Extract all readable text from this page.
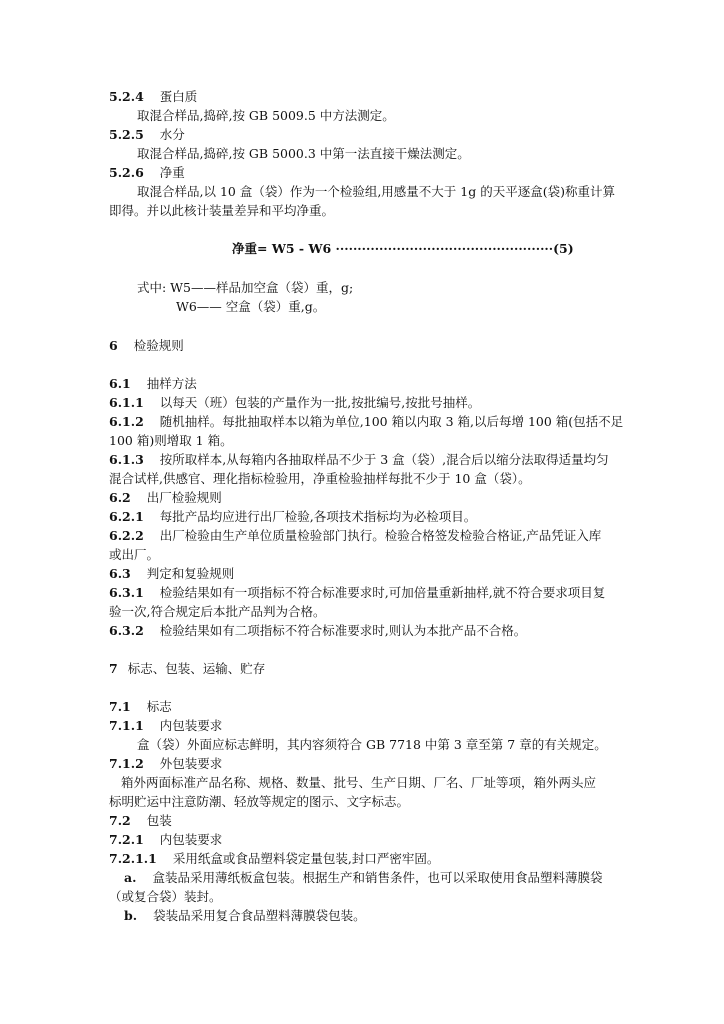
5.2.4 蛋白质
取混合样品,捣碎,按 GB 5009.5 中方法测定。
5.2.5 水分
取混合样品,捣碎,按 GB 5000.3 中第一法直接干燥法测定。
5.2.6 净重
取混合样品,以 10 盒（袋）作为一个检验组,用感量不大于 1g 的天平逐盒(袋)称重计算
即得。并以此核计装量差异和平均净重。
净重= W5 - W6 ··················································(5)
式中: W5——样品加空盒（袋）重，g;
W6—— 空盒（袋）重,g。
6 检验规则
6.1 抽样方法
6.1.1 以每天（班）包装的产量作为一批,按批编号,按批号抽样。
6.1.2 随机抽样。每批抽取样本以箱为单位,100 箱以内取 3 箱,以后每增 100 箱(包括不足
100 箱)则增取 1 箱。
6.1.3 按所取样本,从每箱内各抽取样品不少于 3 盒（袋）,混合后以缩分法取得适量均匀
混合试样,供感官、理化指标检验用，净重检验抽样每批不少于 10 盒（袋）。
6.2 出厂检验规则
6.2.1 每批产品均应进行出厂检验,各项技术指标均为必检项目。
6.2.2 出厂检验由生产单位质量检验部门执行。检验合格签发检验合格证,产品凭证入库
或出厂。
6.3 判定和复验规则
6.3.1 检验结果如有一项指标不符合标准要求时,可加倍量重新抽样,就不符合要求项目复
验一次,符合规定后本批产品判为合格。
6.3.2 检验结果如有二项指标不符合标准要求时,则认为本批产品不合格。
7 标志、包装、运输、贮存
7.1 标志
7.1.1 内包装要求
盒（袋）外面应标志鲜明，其内容须符合 GB 7718 中第 3 章至第 7 章的有关规定。
7.1.2 外包装要求
箱外两面标准产品名称、规格、数量、批号、生产日期、厂名、厂址等项，箱外两头应
标明贮运中注意防潮、轻放等规定的图示、文字标志。
7.2 包装
7.2.1 内包装要求
7.2.1.1 采用纸盒或食品塑料袋定量包装,封口严密牢固。
a. 盒装品采用薄纸板盒包装。根据生产和销售条件，也可以采取使用食品塑料薄膜袋
（或复合袋）装封。
b. 袋装品采用复合食品塑料薄膜袋包装。
